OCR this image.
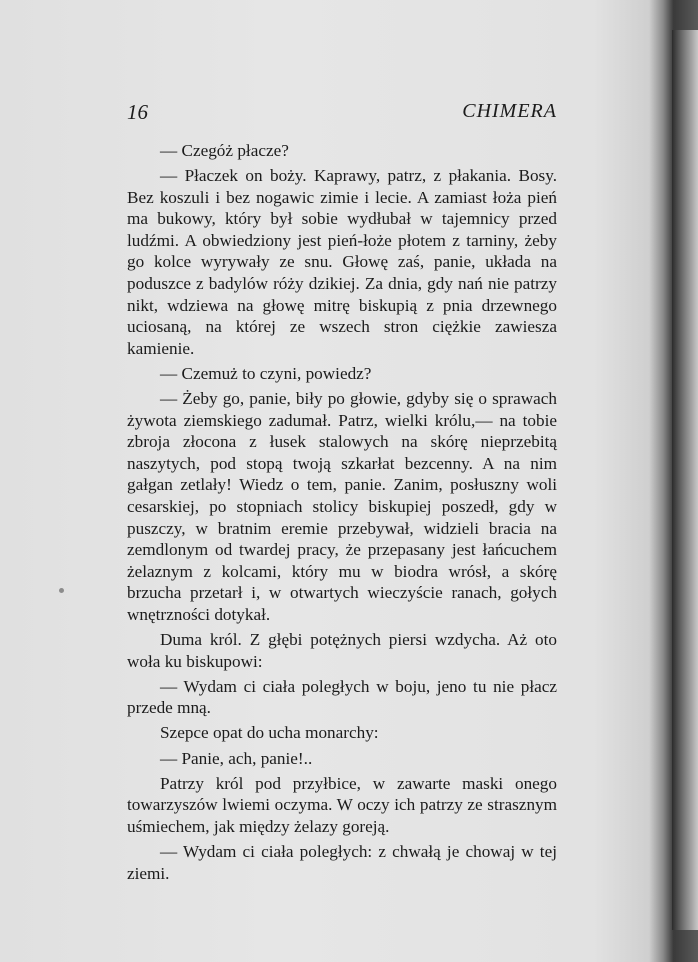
16	CHIMERA

— Czegóż płacze?

— Płaczek on boży. Kaprawy, patrz, z płakania. Bosy. Bez koszuli i bez nogawic zimie i lecie. A zamiast łoża pień ma bukowy, który był sobie wydłubał w tajemnicy przed ludźmi. A obwiedziony jest pień-łoże płotem z tarniny, żeby go kolce wyrywały ze snu. Głowę zaś, panie, układa na poduszce z badylów róży dzikiej. Za dnia, gdy nań nie patrzy nikt, wdziewa na głowę mitrę biskupią z pnia drzewnego uciosaną, na której ze wszech stron ciężkie zawiesza kamienie.

— Czemuż to czyni, powiedz?

— Żeby go, panie, biły po głowie, gdyby się o sprawach żywota ziemskiego zadumał. Patrz, wielki królu,— na tobie zbroja złocona z łusek stalowych na skórę nieprzebitą naszytych, pod stopą twoją szkarłat bezcenny. A na nim gałgan zetlały! Wiedz o tem, panie. Zanim, posłuszny woli cesarskiej, po stopniach stolicy biskupiej poszedł, gdy w puszczy, w bratnim eremie przebywał, widzieli bracia na zemdlonym od twardej pracy, że przepasany jest łańcuchem żelaznym z kolcami, który mu w biodra wrósł, a skórę brzucha przetarł i, w otwartych wieczyście ranach, gołych wnętrzności dotykał.

Duma król. Z głębi potężnych piersi wzdycha. Aż oto woła ku biskupowi:

— Wydam ci ciała poległych w boju, jeno tu nie płacz przede mną.

Szepce opat do ucha monarchy:

— Panie, ach, panie!..

Patrzy król pod przyłbice, w zawarte maski onego towarzyszów lwiemi oczyma. W oczy ich patrzy ze strasznym uśmiechem, jak między żelazy goreją.

— Wydam ci ciała poległych: z chwałą je chowaj w tej ziemi.
